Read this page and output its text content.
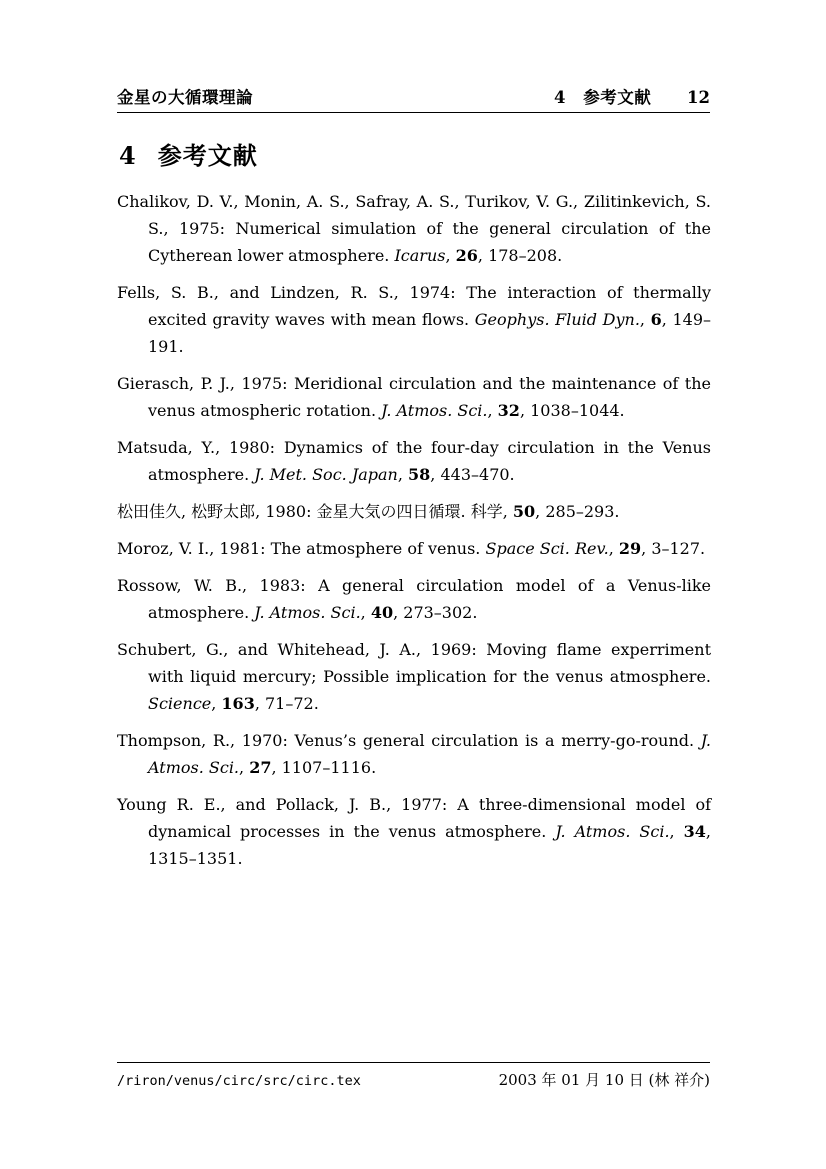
金星の大循環理論	4 参考文献 12
4 参考文献

Chalikov, D. V., Monin, A. S., Safray, A. S., Turikov, V. G., Zilitinkevich, S. S., 1975: Numerical simulation of the general circulation of the Cytherean lower atmosphere. Icarus, 26, 178–208.

Fells, S. B., and Lindzen, R. S., 1974: The interaction of thermally excited gravity waves with mean flows. Geophys. Fluid Dyn., 6, 149–191.

Gierasch, P. J., 1975: Meridional circulation and the maintenance of the venus atmospheric rotation. J. Atmos. Sci., 32, 1038–1044.

Matsuda, Y., 1980: Dynamics of the four-day circulation in the Venus atmosphere. J. Met. Soc. Japan, 58, 443–470.

松田佳久, 松野太郎, 1980: 金星大気の四日循環. 科学, 50, 285–293.

Moroz, V. I., 1981: The atmosphere of venus. Space Sci. Rev., 29, 3–127.

Rossow, W. B., 1983: A general circulation model of a Venus-like atmosphere. J. Atmos. Sci., 40, 273–302.

Schubert, G., and Whitehead, J. A., 1969: Moving flame experriment with liquid mercury; Possible implication for the venus atmosphere. Science, 163, 71–72.

Thompson, R., 1970: Venus’s general circulation is a merry-go-round. J. Atmos. Sci., 27, 1107–1116.

Young R. E., and Pollack, J. B., 1977: A three-dimensional model of dynamical processes in the venus atmosphere. J. Atmos. Sci., 34, 1315–1351.

/riron/venus/circ/src/circ.tex	2003 年 01 月 10 日 (林 祥介)
